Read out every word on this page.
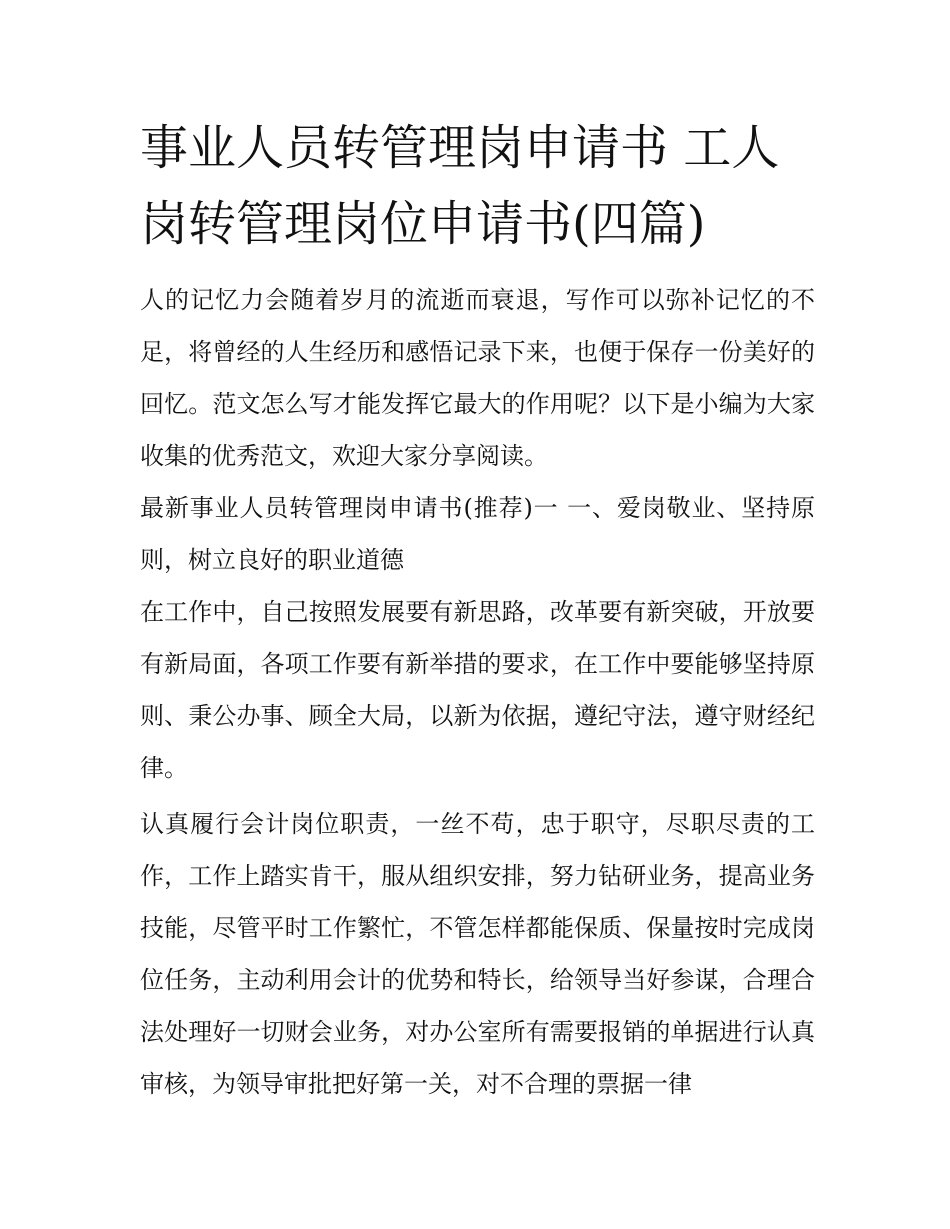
事业人员转管理岗申请书 工人岗转管理岗位申请书(四篇)

人的记忆力会随着岁月的流逝而衰退，写作可以弥补记忆的不足，将曾经的人生经历和感悟记录下来，也便于保存一份美好的回忆。范文怎么写才能发挥它最大的作用呢？以下是小编为大家收集的优秀范文，欢迎大家分享阅读。

最新事业人员转管理岗申请书(推荐)一 一、爱岗敬业、坚持原则，树立良好的职业道德

在工作中，自己按照发展要有新思路，改革要有新突破，开放要有新局面，各项工作要有新举措的要求，在工作中要能够坚持原则、秉公办事、顾全大局，以新为依据，遵纪守法，遵守财经纪律。

认真履行会计岗位职责，一丝不苟，忠于职守，尽职尽责的工作，工作上踏实肯干，服从组织安排，努力钻研业务，提高业务技能，尽管平时工作繁忙，不管怎样都能保质、保量按时完成岗位任务，主动利用会计的优势和特长，给领导当好参谋，合理合法处理好一切财会业务，对办公室所有需要报销的单据进行认真审核，为领导审批把好第一关，对不合理的票据一律
